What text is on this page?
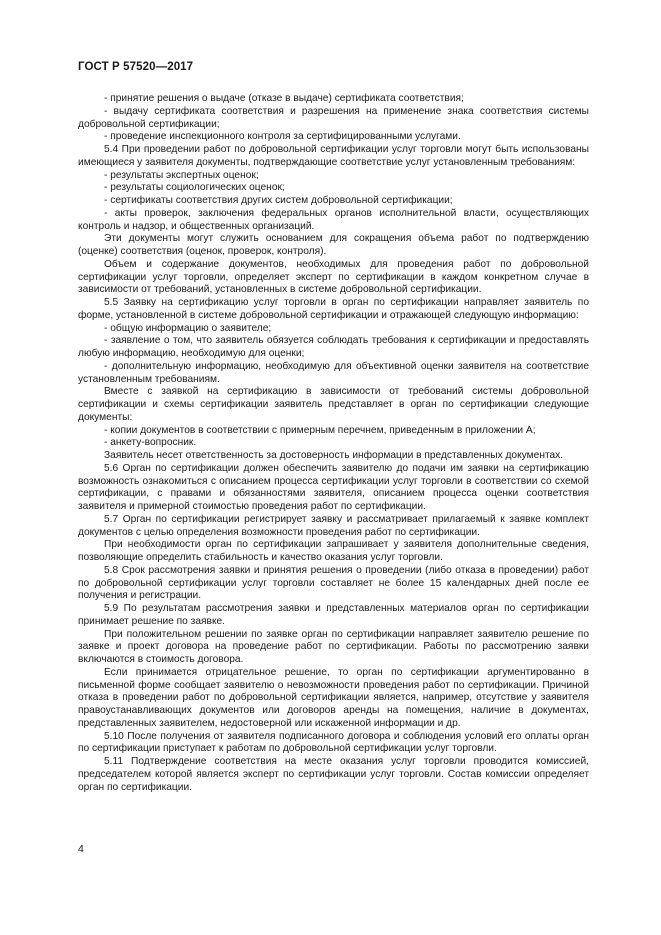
ГОСТ Р 57520—2017

- принятие решения о выдаче (отказе в выдаче) сертификата соответствия;

- выдачу сертификата соответствия и разрешения на применение знака соответствия системы добровольной сертификации;

- проведение инспекционного контроля за сертифицированными услугами.

5.4 При проведении работ по добровольной сертификации услуг торговли могут быть использованы имеющиеся у заявителя документы, подтверждающие соответствие услуг установленным требованиям:

- результаты экспертных оценок;

- результаты социологических оценок;

- сертификаты соответствия других систем добровольной сертификации;

- акты проверок, заключения федеральных органов исполнительной власти, осуществляющих контроль и надзор, и общественных организаций.

Эти документы могут служить основанием для сокращения объема работ по подтверждению (оценке) соответствия (оценок, проверок, контроля).

Объем и содержание документов, необходимых для проведения работ по добровольной сертификации услуг торговли, определяет эксперт по сертификации в каждом конкретном случае в зависимости от требований, установленных в системе добровольной сертификации.

5.5 Заявку на сертификацию услуг торговли в орган по сертификации направляет заявитель по форме, установленной в системе добровольной сертификации и отражающей следующую информацию:

- общую информацию о заявителе;

- заявление о том, что заявитель обязуется соблюдать требования к сертификации и предоставлять любую информацию, необходимую для оценки;

- дополнительную информацию, необходимую для объективной оценки заявителя на соответствие установленным требованиям.

Вместе с заявкой на сертификацию в зависимости от требований системы добровольной сертификации и схемы сертификации заявитель представляет в орган по сертификации следующие документы:

- копии документов в соответствии с примерным перечнем, приведенным в приложении А;

- анкету-вопросник.

Заявитель несет ответственность за достоверность информации в представленных документах.

5.6 Орган по сертификации должен обеспечить заявителю до подачи им заявки на сертификацию возможность ознакомиться с описанием процесса сертификации услуг торговли в соответствии со схемой сертификации, с правами и обязанностями заявителя, описанием процесса оценки соответствия заявителя и примерной стоимостью проведения работ по сертификации.

5.7 Орган по сертификации регистрирует заявку и рассматривает прилагаемый к заявке комплект документов с целью определения возможности проведения работ по сертификации.

При необходимости орган по сертификации запрашивает у заявителя дополнительные сведения, позволяющие определить стабильность и качество оказания услуг торговли.

5.8 Срок рассмотрения заявки и принятия решения о проведении (либо отказа в проведении) работ по добровольной сертификации услуг торговли составляет не более 15 календарных дней после ее получения и регистрации.

5.9 По результатам рассмотрения заявки и представленных материалов орган по сертификации принимает решение по заявке.

При положительном решении по заявке орган по сертификации направляет заявителю решение по заявке и проект договора на проведение работ по сертификации. Работы по рассмотрению заявки включаются в стоимость договора.

Если принимается отрицательное решение, то орган по сертификации аргументированно в письменной форме сообщает заявителю о невозможности проведения работ по сертификации. Причиной отказа в проведении работ по добровольной сертификации является, например, отсутствие у заявителя правоустанавливающих документов или договоров аренды на помещения, наличие в документах, представленных заявителем, недостоверной или искаженной информации и др.

5.10 После получения от заявителя подписанного договора и соблюдения условий его оплаты орган по сертификации приступает к работам по добровольной сертификации услуг торговли.

5.11 Подтверждение соответствия на месте оказания услуг торговли проводится комиссией, председателем которой является эксперт по сертификации услуг торговли. Состав комиссии определяет орган по сертификации.

4
